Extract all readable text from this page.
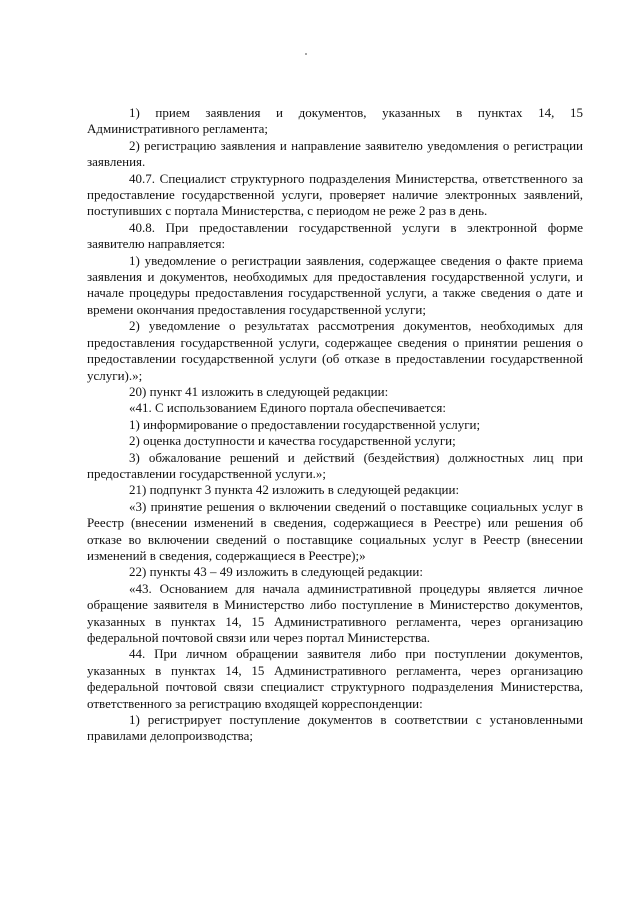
1) прием заявления и документов, указанных в пунктах 14, 15 Административного регламента;

2) регистрацию заявления и направление заявителю уведомления о регистрации заявления.

40.7. Специалист структурного подразделения Министерства, ответственного за предоставление государственной услуги, проверяет наличие электронных заявлений, поступивших с портала Министерства, с периодом не реже 2 раз в день.

40.8. При предоставлении государственной услуги в электронной форме заявителю направляется:

1) уведомление о регистрации заявления, содержащее сведения о факте приема заявления и документов, необходимых для предоставления государственной услуги, и начале процедуры предоставления государственной услуги, а также сведения о дате и времени окончания предоставления государственной услуги;

2) уведомление о результатах рассмотрения документов, необходимых для предоставления государственной услуги, содержащее сведения о принятии решения о предоставлении государственной услуги (об отказе в предоставлении государственной услуги).»;

20) пункт 41 изложить в следующей редакции:

«41. С использованием Единого портала обеспечивается:

1) информирование о предоставлении государственной услуги;

2) оценка доступности и качества государственной услуги;

3) обжалование решений и действий (бездействия) должностных лиц при предоставлении государственной услуги.»;

21) подпункт 3 пункта 42 изложить в следующей редакции:

«3) принятие решения о включении сведений о поставщике социальных услуг в Реестр (внесении изменений в сведения, содержащиеся в Реестре) или решения об отказе во включении сведений о поставщике социальных услуг в Реестр (внесении изменений в сведения, содержащиеся в Реестре);»

22) пункты 43 – 49 изложить в следующей редакции:

«43. Основанием для начала административной процедуры является личное обращение заявителя в Министерство либо поступление в Министерство документов, указанных в пунктах 14, 15 Административного регламента, через организацию федеральной почтовой связи или через портал Министерства.

44. При личном обращении заявителя либо при поступлении документов, указанных в пунктах 14, 15 Административного регламента, через организацию федеральной почтовой связи специалист структурного подразделения Министерства, ответственного за регистрацию входящей корреспонденции:

1) регистрирует поступление документов в соответствии с установленными правилами делопроизводства;
